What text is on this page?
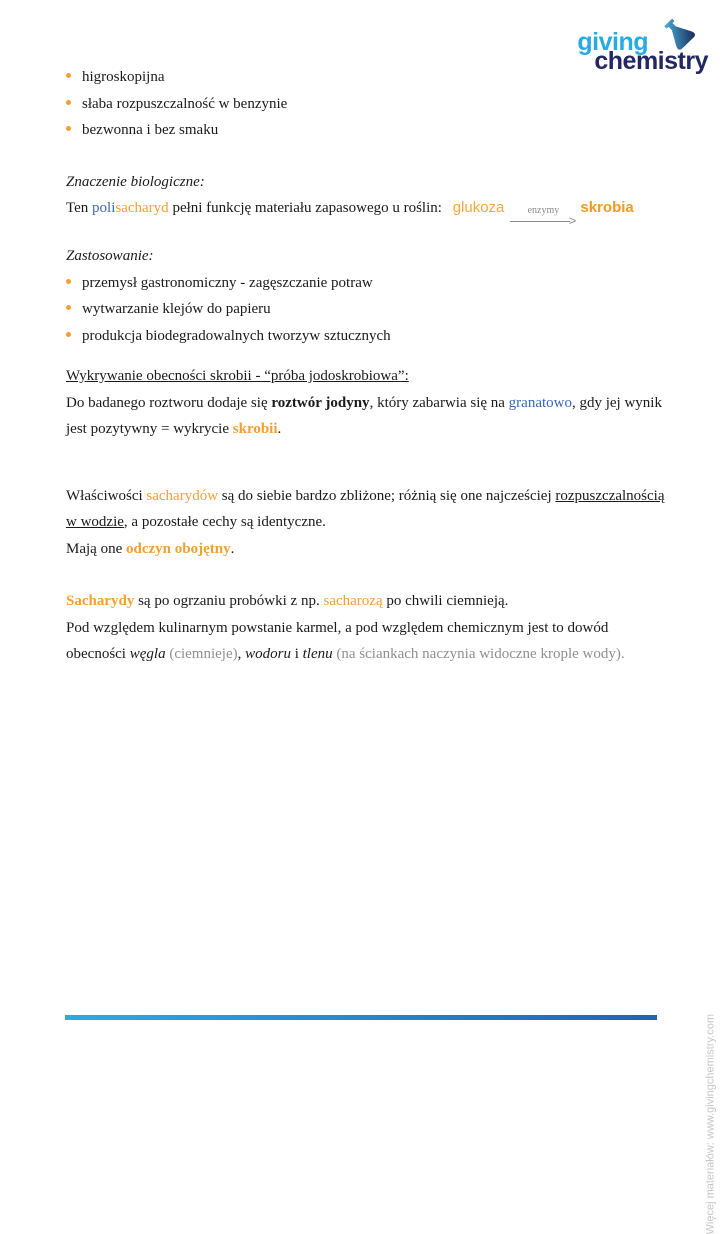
giving
chemistry
higroskopijna
słaba rozpuszczalność w benzynie
bezwonna i bez smaku
Znaczenie biologiczne:
Ten polisacharyd pełni funkcję materiału zapasowego u roślin: glukoza enzymy
>
skrobia
Zastosowanie:
przemysł gastronomiczny - zagęszczanie potraw
wytwarzanie klejów do papieru
produkcja biodegradowalnych tworzyw sztucznych
Wykrywanie obecności skrobii - “próba jodoskrobiowa”:
Do badanego roztworu dodaje się roztwór jodyny, który zabarwia się na granatowo, gdy jej wynik
jest pozytywny = wykrycie skrobii.
Właściwości sacharydów są do siebie bardzo zbliżone; różnią się one najcześciej rozpuszczalnością
w wodzie, a pozostałe cechy są identyczne.
Mają one odczyn obojętny.
Sacharydy są po ogrzaniu probówki z np. sacharozą po chwili ciemnieją.
Pod względem kulinarnym powstanie karmel, a pod względem chemicznym jest to dowód
obecności węgla (ciemnieje), wodoru i tlenu (na ściankach naczynia widoczne krople wody).
Więcej materiałów: www.givingchemistry.com
